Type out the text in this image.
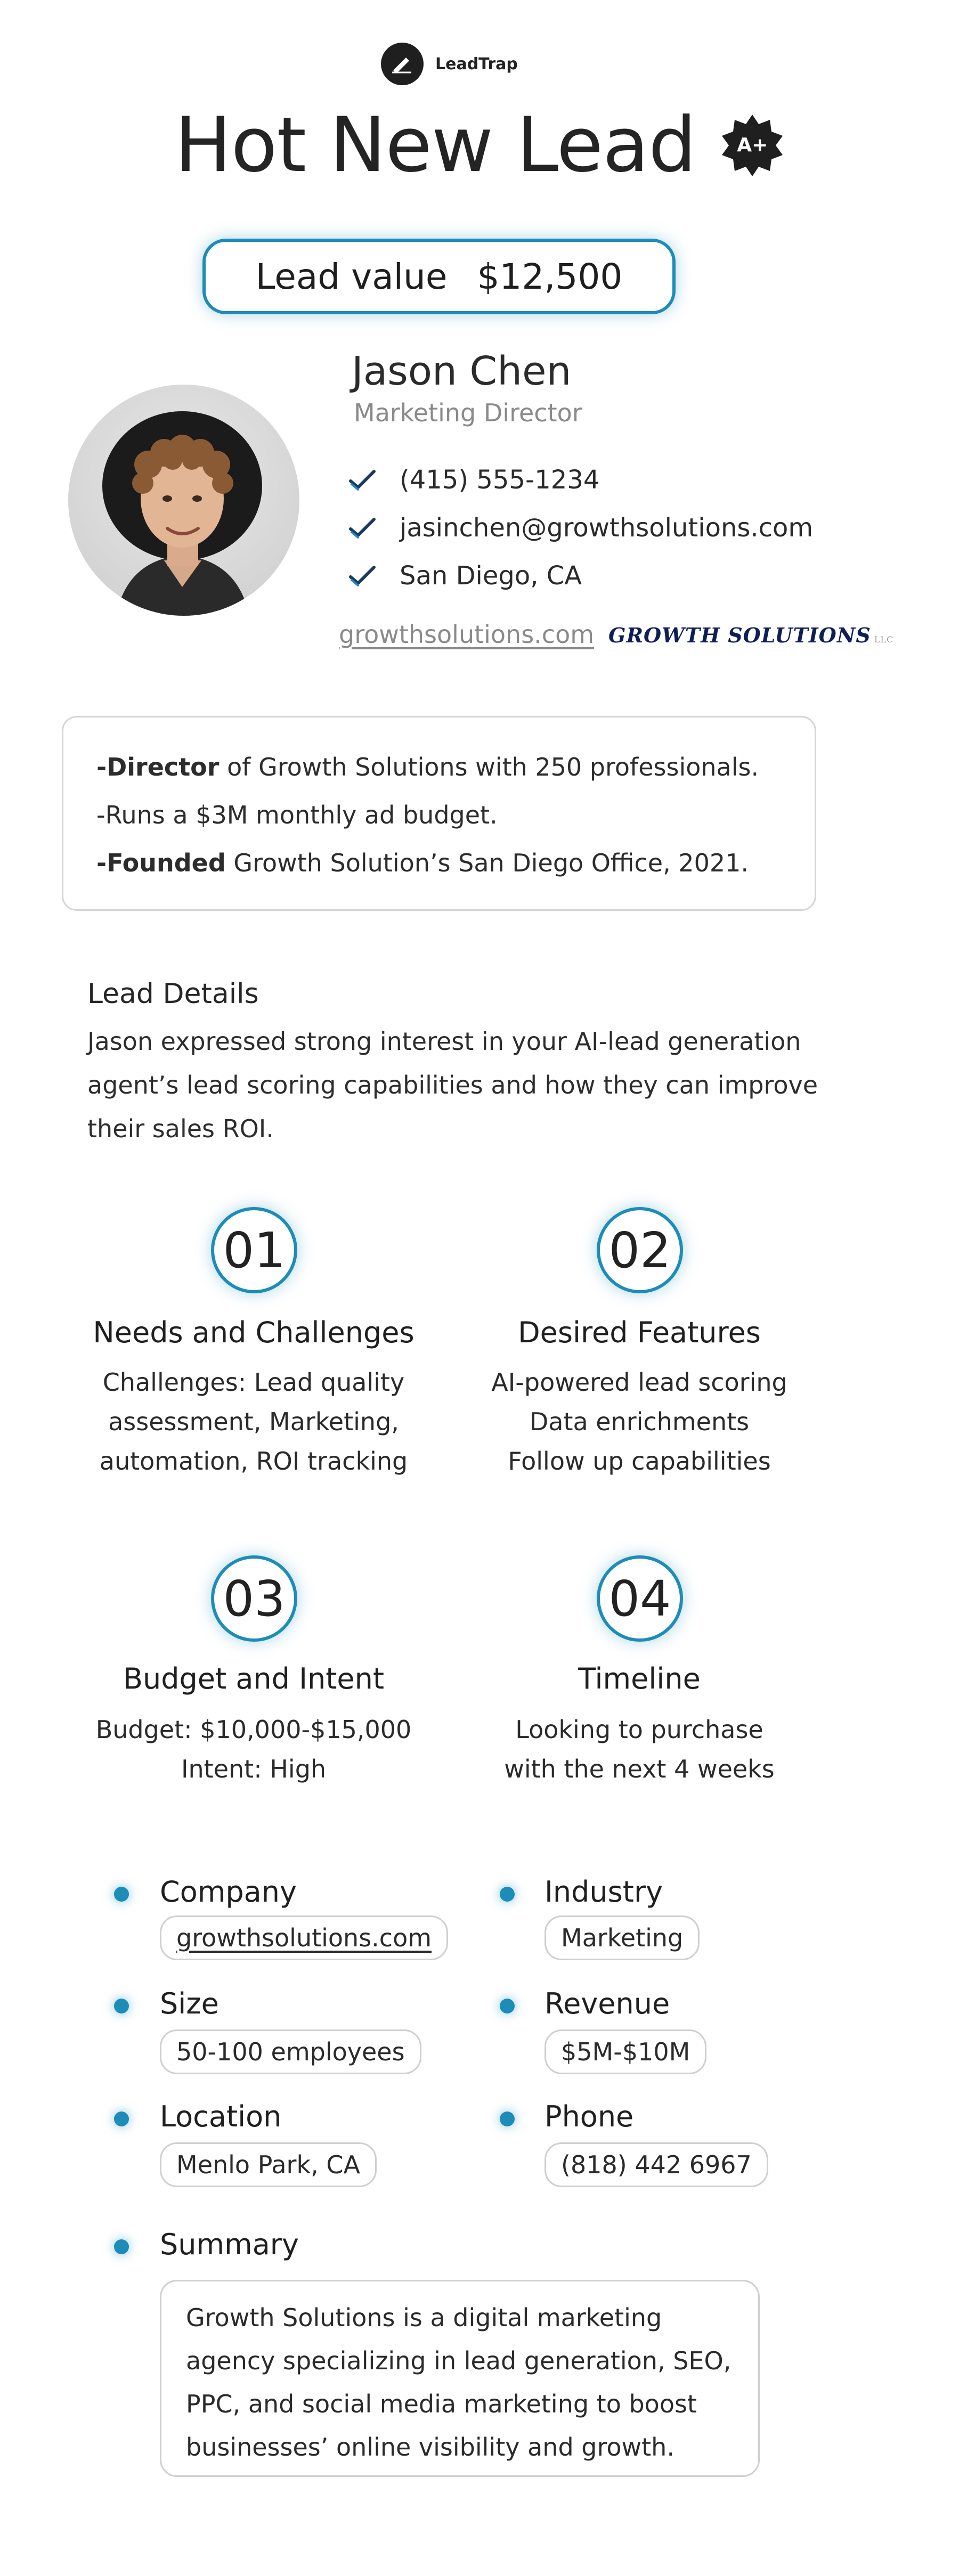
LeadTrap
Hot New Lead A+
Lead value $12,500
Jason Chen
Marketing Director
(415) 555-1234
jasinchen@growthsolutions.com
San Diego, CA
growthsolutions.com GROWTH SOLUTIONS LLC
-Director of Growth Solutions with 250 professionals.
-Runs a $3M monthly ad budget.
-Founded Growth Solution’s San Diego Office, 2021.
Lead Details
Jason expressed strong interest in your AI-lead generation agent’s lead scoring capabilities and how they can improve their sales ROI.
01
Needs and Challenges
Challenges: Lead quality
assessment, Marketing,
automation, ROI tracking
02
Desired Features
AI-powered lead scoring
Data enrichments
Follow up capabilities
03
Budget and Intent
Budget: $10,000-$15,000
Intent: High
04
Timeline
Looking to purchase
with the next 4 weeks
Company
growthsolutions.com
Industry
Marketing
Size
50-100 employees
Revenue
$5M-$10M
Location
Menlo Park, CA
Phone
(818) 442 6967
Summary
Growth Solutions is a digital marketing agency specializing in lead generation, SEO, PPC, and social media marketing to boost businesses’ online visibility and growth.
